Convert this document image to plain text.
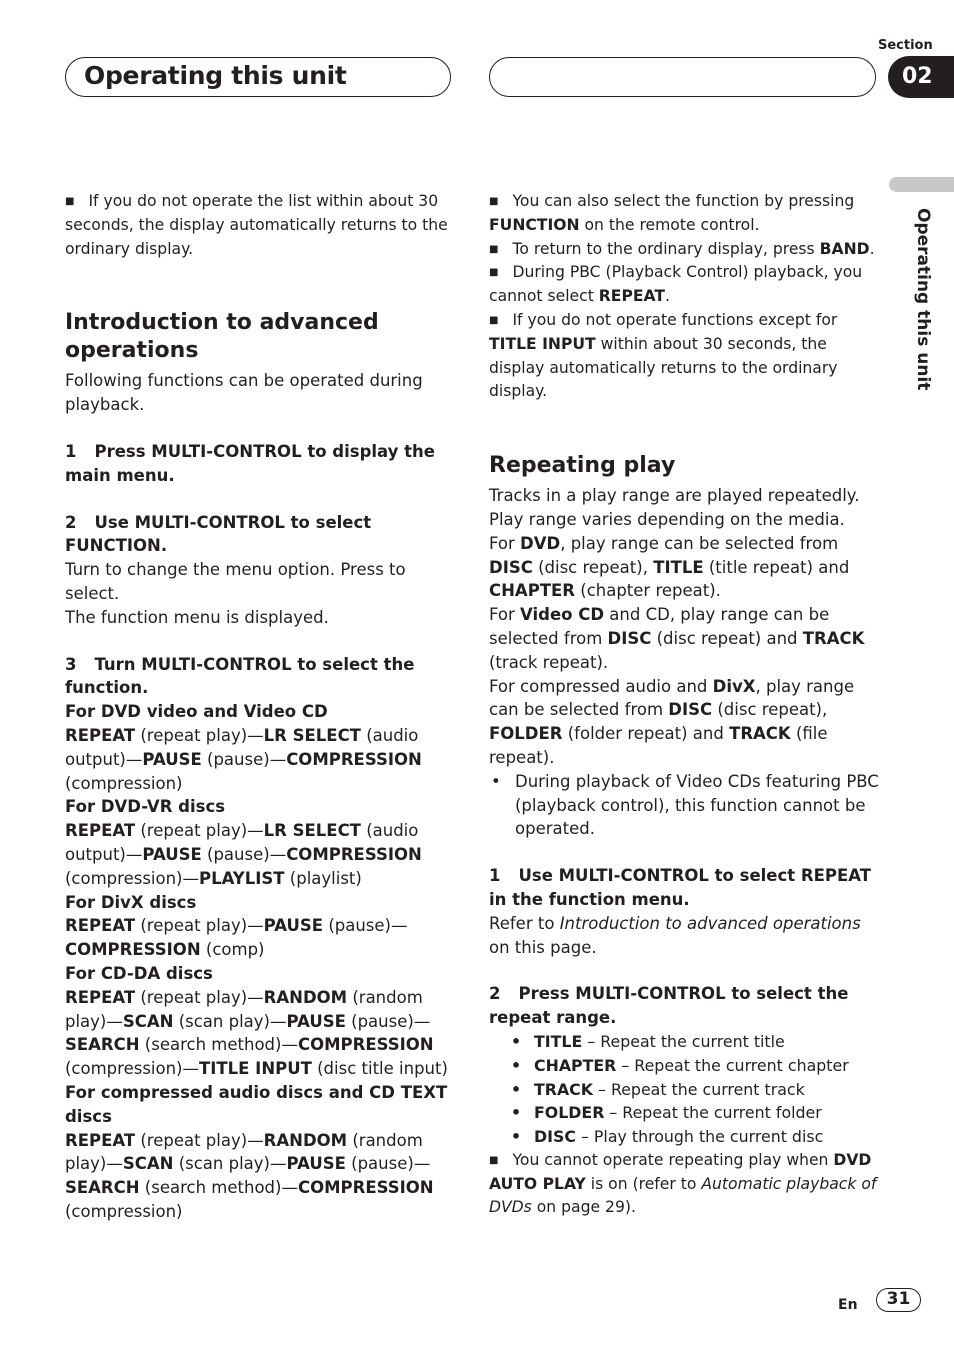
Operating this unit
Section
02
Operating this unit

■ If you do not operate the list within about 30 seconds, the display automatically returns to the ordinary display.

Introduction to advanced operations

Following functions can be operated during playback.

1 Press MULTI-CONTROL to display the main menu.

2 Use MULTI-CONTROL to select FUNCTION.

Turn to change the menu option. Press to select.

The function menu is displayed.

3 Turn MULTI-CONTROL to select the function.

For DVD video and Video CD

REPEAT (repeat play)—LR SELECT (audio output)—PAUSE (pause)—COMPRESSION (compression)

For DVD-VR discs

REPEAT (repeat play)—LR SELECT (audio output)—PAUSE (pause)—COMPRESSION (compression)—PLAYLIST (playlist)

For DivX discs

REPEAT (repeat play)—PAUSE (pause)—COMPRESSION (comp)

For CD-DA discs

REPEAT (repeat play)—RANDOM (random play)—SCAN (scan play)—PAUSE (pause)—SEARCH (search method)—COMPRESSION (compression)—TITLE INPUT (disc title input)

For compressed audio discs and CD TEXT discs

REPEAT (repeat play)—RANDOM (random play)—SCAN (scan play)—PAUSE (pause)—SEARCH (search method)—COMPRESSION (compression)

■ You can also select the function by pressing FUNCTION on the remote control.

■ To return to the ordinary display, press BAND.

■ During PBC (Playback Control) playback, you cannot select REPEAT.

■ If you do not operate functions except for TITLE INPUT within about 30 seconds, the display automatically returns to the ordinary display.

Repeating play

Tracks in a play range are played repeatedly. Play range varies depending on the media.

For DVD, play range can be selected from DISC (disc repeat), TITLE (title repeat) and CHAPTER (chapter repeat).

For Video CD and CD, play range can be selected from DISC (disc repeat) and TRACK (track repeat).

For compressed audio and DivX, play range can be selected from DISC (disc repeat), FOLDER (folder repeat) and TRACK (file repeat).

• During playback of Video CDs featuring PBC (playback control), this function cannot be operated.

1 Use MULTI-CONTROL to select REPEAT in the function menu.

Refer to Introduction to advanced operations on this page.

2 Press MULTI-CONTROL to select the repeat range.

• TITLE – Repeat the current title
• CHAPTER – Repeat the current chapter
• TRACK – Repeat the current track
• FOLDER – Repeat the current folder
• DISC – Play through the current disc

■ You cannot operate repeating play when DVD AUTO PLAY is on (refer to Automatic playback of DVDs on page 29).

En	31
